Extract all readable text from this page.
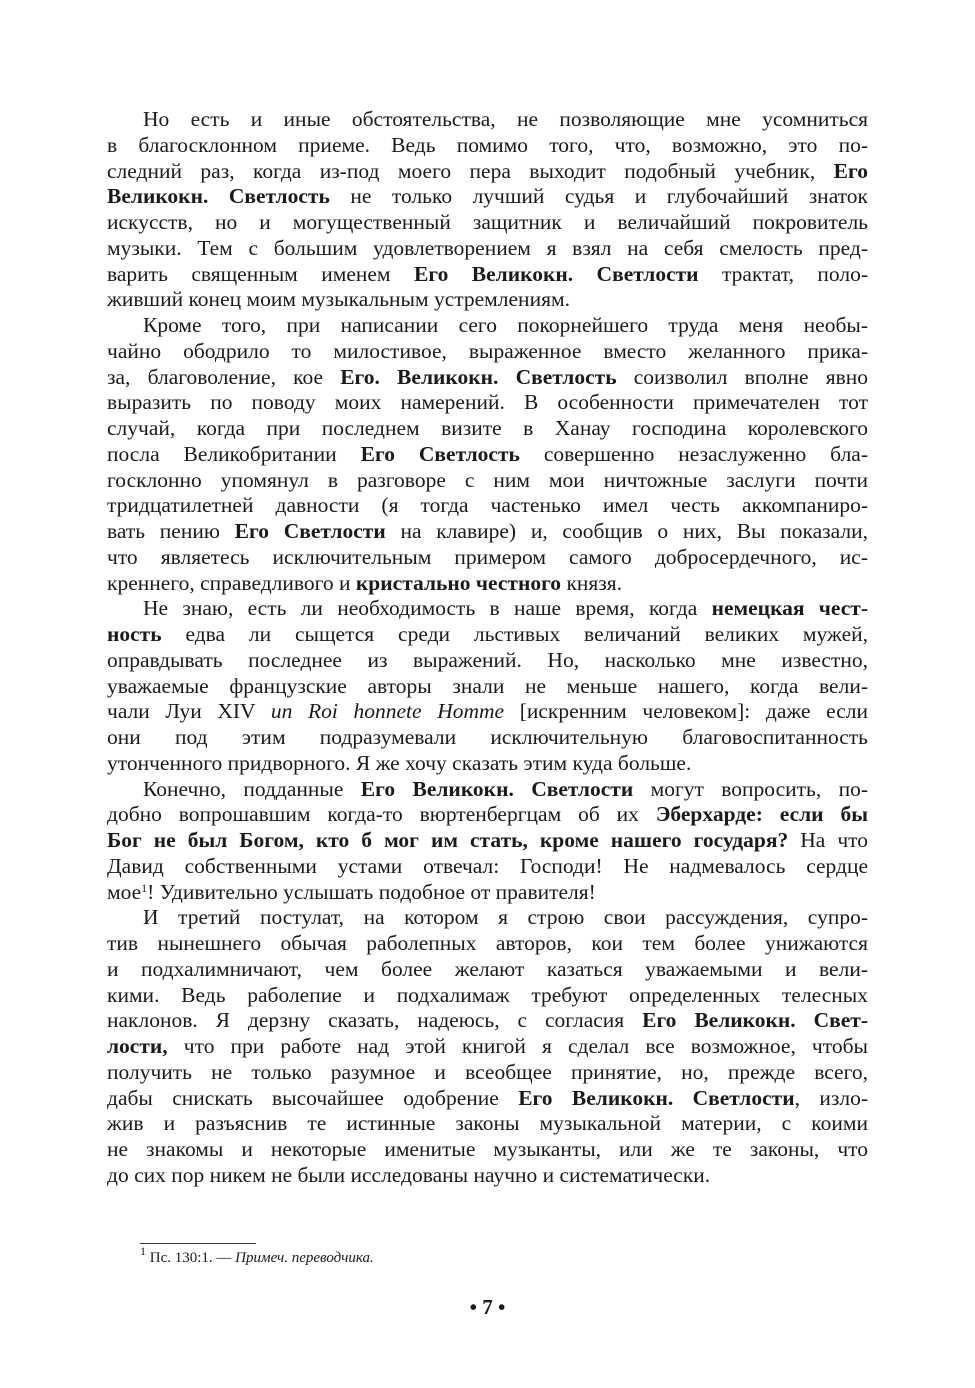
Но есть и иные обстоятельства, не позволяющие мне усомниться
в благосклонном приеме. Ведь помимо того, что, возможно, это по-
следний раз, когда из-под моего пера выходит подобный учебник, Его
Великокн. Светлость не только лучший судья и глубочайший знаток
искусств, но и могущественный защитник и величайший покровитель
музыки. Тем с большим удовлетворением я взял на себя смелость пред-
варить священным именем Его Великокн. Светлости трактат, поло-
живший конец моим музыкальным устремлениям.
Кроме того, при написании сего покорнейшего труда меня необы-
чайно ободрило то милостивое, выраженное вместо желанного прика-
за, благоволение, кое Его. Великокн. Светлость соизволил вполне явно
выразить по поводу моих намерений. В особенности примечателен тот
случай, когда при последнем визите в Ханау господина королевского
посла Великобритании Его Светлость совершенно незаслуженно бла-
госклонно упомянул в разговоре с ним мои ничтожные заслуги почти
тридцатилетней давности (я тогда частенько имел честь аккомпаниро-
вать пению Его Светлости на клавире) и, сообщив о них, Вы показали,
что являетесь исключительным примером самого добросердечного, ис-
креннего, справедливого и кристально честного князя.
Не знаю, есть ли необходимость в наше время, когда немецкая чест-
ность едва ли сыщется среди льстивых величаний великих мужей,
оправдывать последнее из выражений. Но, насколько мне известно,
уважаемые французские авторы знали не меньше нашего, когда вели-
чали Луи XIV un Roi honnete Homme [искренним человеком]: даже если
они под этим подразумевали исключительную благовоспитанность
утонченного придворного. Я же хочу сказать этим куда больше.
Конечно, подданные Его Великокн. Светлости могут вопросить, по-
добно вопрошавшим когда-то вюртенбергцам об их Эберхарде: если бы
Бог не был Богом, кто б мог им стать, кроме нашего государя? На что
Давид собственными устами отвечал: Господи! Не надмевалось сердце
мое$^1$! Удивительно услышать подобное от правителя!
И третий постулат, на котором я строю свои рассуждения, супро-
тив нынешнего обычая раболепных авторов, кои тем более унижаются
и подхалимничают, чем более желают казаться уважаемыми и вели-
кими. Ведь раболепие и подхалимаж требуют определенных телесных
наклонов. Я дерзну сказать, надеюсь, с согласия Его Великокн. Свет-
лости, что при работе над этой книгой я сделал все возможное, чтобы
получить не только разумное и всеобщее принятие, но, прежде всего,
дабы снискать высочайшее одобрение Его Великокн. Светлости, изло-
жив и разъяснив те истинные законы музыкальной материи, с коими
не знакомы и некоторые именитые музыканты, или же те законы, что
до сих пор никем не были исследованы научно и систематически.
$^1$ Пс. 130:1. — Примеч. переводчика.
• 7 •
